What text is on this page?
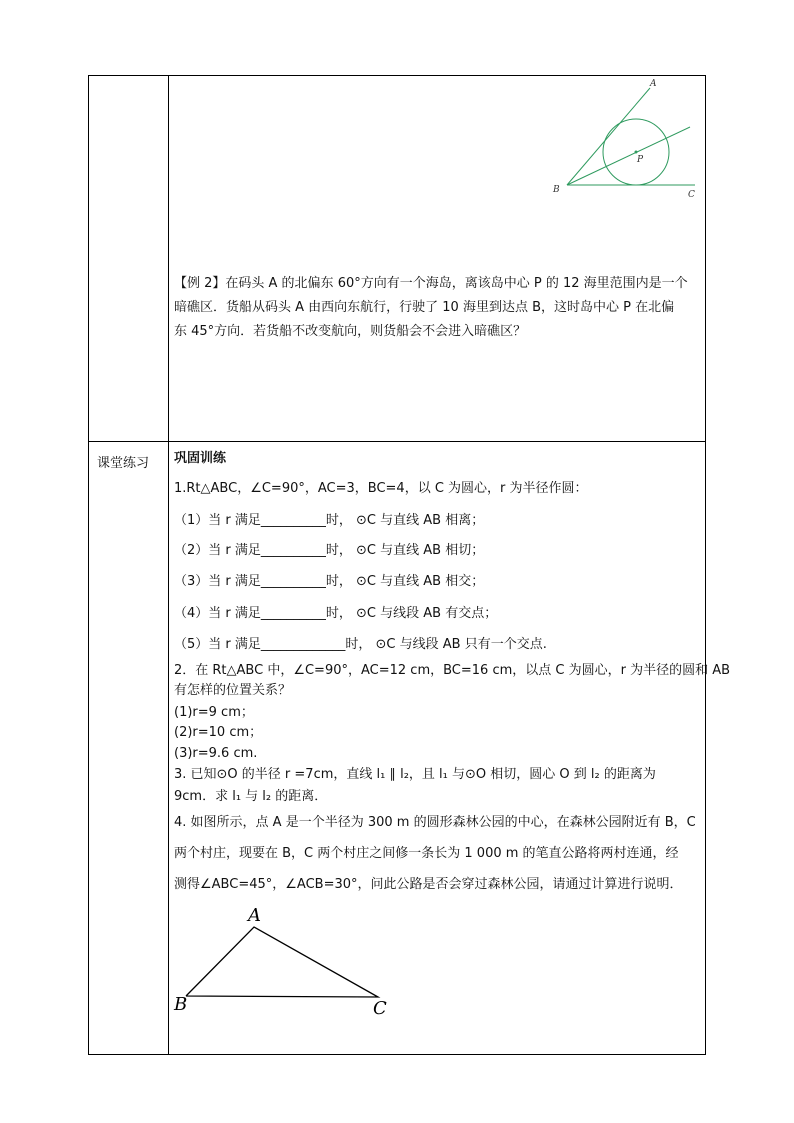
课堂练习
A
P
B	C
【例 2】在码头 A 的北偏东 60°方向有一个海岛，离该岛中心 P 的 12 海里范围内是一个
暗礁区．货船从码头 A 由西向东航行，行驶了 10 海里到达点 B，这时岛中心 P 在北偏
东 45°方向．若货船不改变航向，则货船会不会进入暗礁区？
巩固训练
1.Rt△ABC，∠C=90°，AC=3，BC=4，以 C 为圆心，r 为半径作圆：
（1）当 r 满足__________时， ⊙C 与直线 AB 相离；
（2）当 r 满足__________时， ⊙C 与直线 AB 相切；
（3）当 r 满足__________时， ⊙C 与直线 AB 相交；
（4）当 r 满足__________时， ⊙C 与线段 AB 有交点；
（5）当 r 满足_____________时， ⊙C 与线段 AB 只有一个交点.
2．在 Rt△ABC 中，∠C=90°，AC=12 cm，BC=16 cm，以点 C 为圆心，r 为半径的圆和 AB
有怎样的位置关系？
(1)r=9 cm；
(2)r=10 cm；
(3)r=9.6 cm.
3. 已知⊙O 的半径 r =7cm，直线 l₁ ∥ l₂，且 l₁ 与⊙O 相切，圆心 O 到 l₂ 的距离为
9cm．求 l₁ 与 l₂ 的距离．
4. 如图所示，点 A 是一个半径为 300 m 的圆形森林公园的中心，在森林公园附近有 B，C
两个村庄，现要在 B，C 两个村庄之间修一条长为 1 000 m 的笔直公路将两村连通，经
测得∠ABC=45°，∠ACB=30°，问此公路是否会穿过森林公园，请通过计算进行说明．
A
B	C
